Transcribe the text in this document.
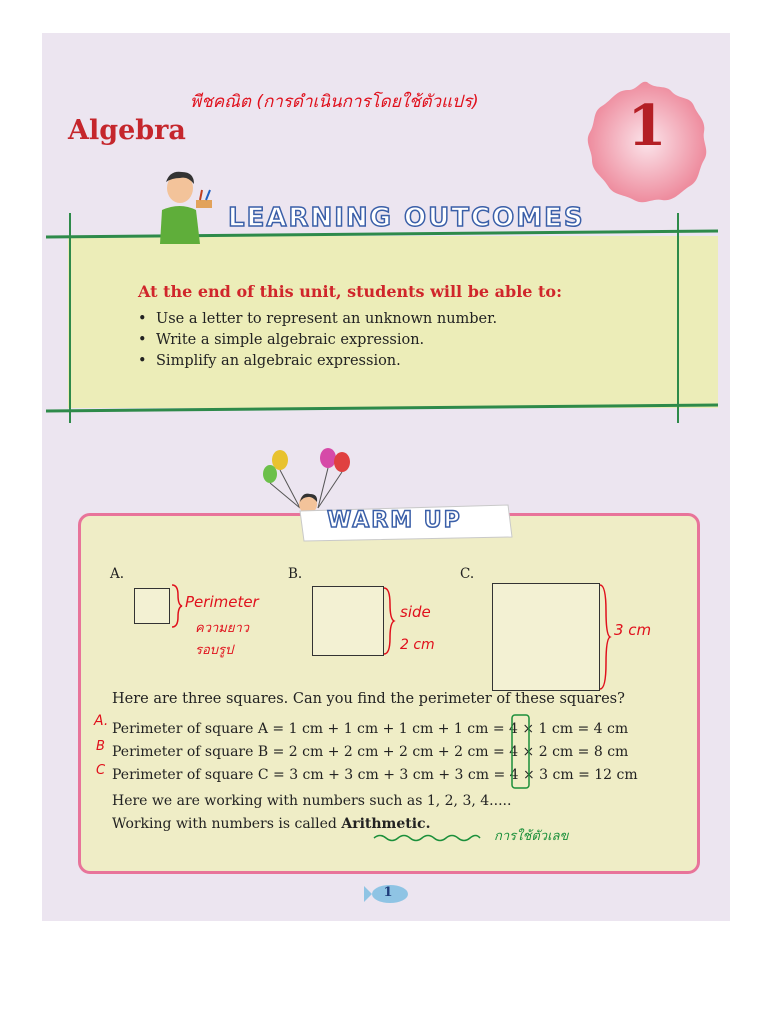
พีชคณิต (การดำเนินการโดยใช้ตัวแปร)
Algebra	1
LEARNING OUTCOMES
At the end of this unit, students will be able to:
• Use a letter to represent an unknown number.
• Write a simple algebraic expression.
• Simplify an algebraic expression.
WARM UP
A.	B.	C.
Perimeter
ความยาว
รอบรูป
side
2 cm
3 cm
Here are three squares. Can you find the perimeter of these squares?
A.
B
C
Perimeter of square A = 1 cm + 1 cm + 1 cm + 1 cm = 4 × 1 cm = 4 cm
Perimeter of square B = 2 cm + 2 cm + 2 cm + 2 cm = 4 × 2 cm = 8 cm
Perimeter of square C = 3 cm + 3 cm + 3 cm + 3 cm = 4 × 3 cm = 12 cm
Here we are working with numbers such as 1, 2, 3, 4.....
Working with numbers is called Arithmetic.
การใช้ตัวเลข
1
